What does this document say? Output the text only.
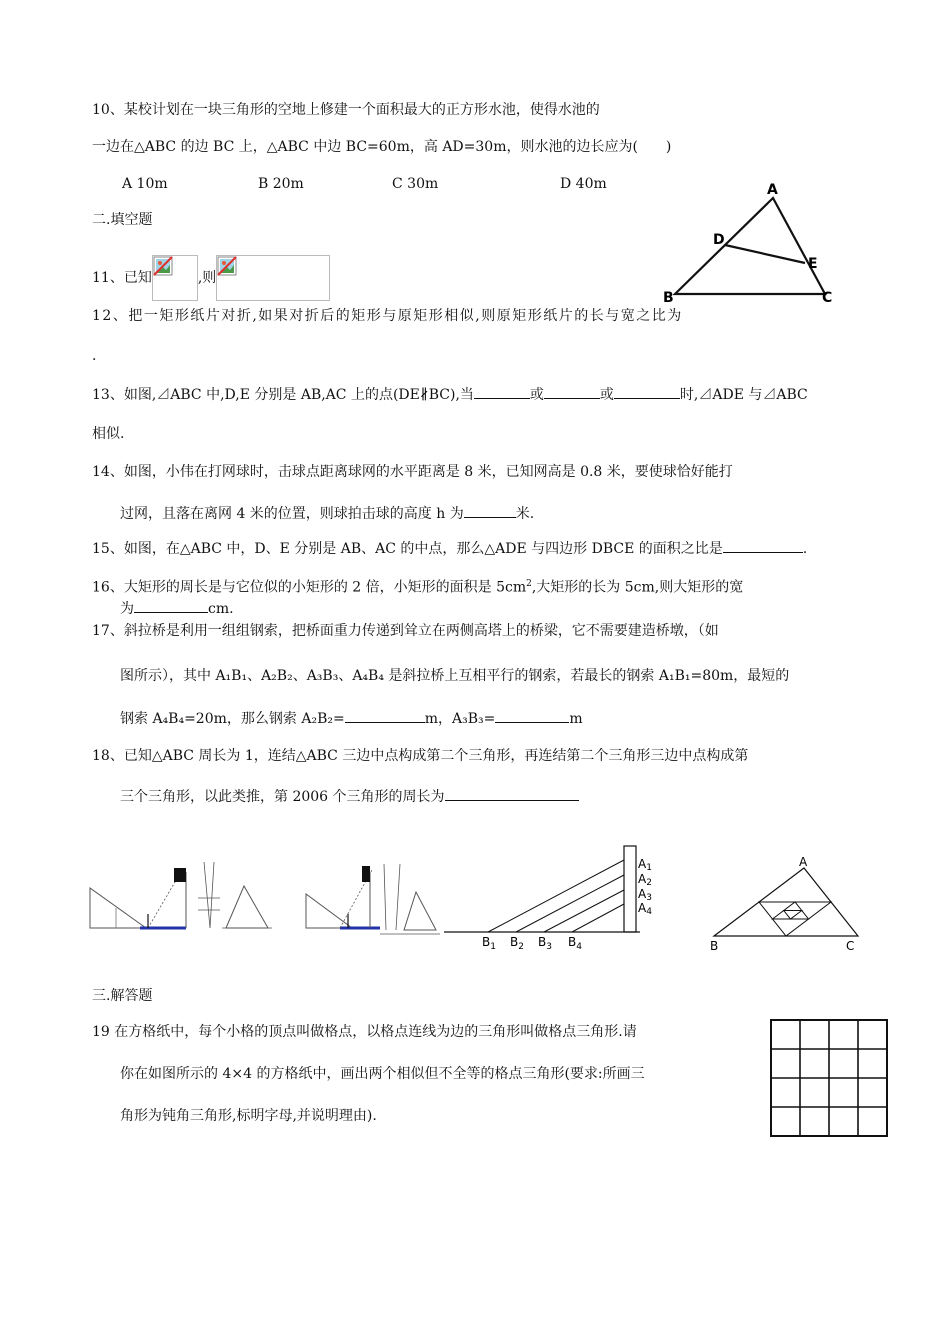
10、某校计划在一块三角形的空地上修建一个面积最大的正方形水池，使得水池的
一边在△ABC 的边 BC 上，△ABC 中边 BC=60m，高 AD=30m，则水池的边长应为(　　)
A 10m	B 20m	C 30m	D 40m
二.填空题
11、已知	,则
A
D
E
B	C
12、把一矩形纸片对折,如果对折后的矩形与原矩形相似,则原矩形纸片的长与宽之比为
.
13、如图,⊿ABC 中,D,E 分别是 AB,AC 上的点(DE∦BC),当	或	或	时,⊿ADE 与⊿ABC
相似.
14、如图，小伟在打网球时，击球点距离球网的水平距离是 8 米，已知网高是 0.8 米，要使球恰好能打
过网，且落在离网 4 米的位置，则球拍击球的高度 h 为	米.
15、如图，在△ABC 中，D、E 分别是 AB、AC 的中点，那么△ADE 与四边形 DBCE 的面积之比是	.
16、大矩形的周长是与它位似的小矩形的 2 倍，小矩形的面积是 $5cm^2$,大矩形的长为 5cm,则大矩形的宽
为	cm.
17、斜拉桥是利用一组组钢索，把桥面重力传递到耸立在两侧高塔上的桥梁，它不需要建造桥墩，（如
图所示），其中 A₁B₁、A₂B₂、A₃B₃、A₄B₄ 是斜拉桥上互相平行的钢索，若最长的钢索 A₁B₁=80m，最短的
钢索 A₄B₄=20m，那么钢索 A₂B₂=	m，A₃B₃=	m
18、已知△ABC 周长为 1，连结△ABC 三边中点构成第二个三角形，再连结第二个三角形三边中点构成第
三个三角形，以此类推，第 2006 个三角形的周长为
A1
A2
A3
A4
$B_1$ $B_2$ $B_3$ $B_4$
A
B	C
三.解答题
19 在方格纸中，每个小格的顶点叫做格点，以格点连线为边的三角形叫做格点三角形.请
你在如图所示的 4×4 的方格纸中，画出两个相似但不全等的格点三角形(要求:所画三
角形为钝角三角形,标明字母,并说明理由).
